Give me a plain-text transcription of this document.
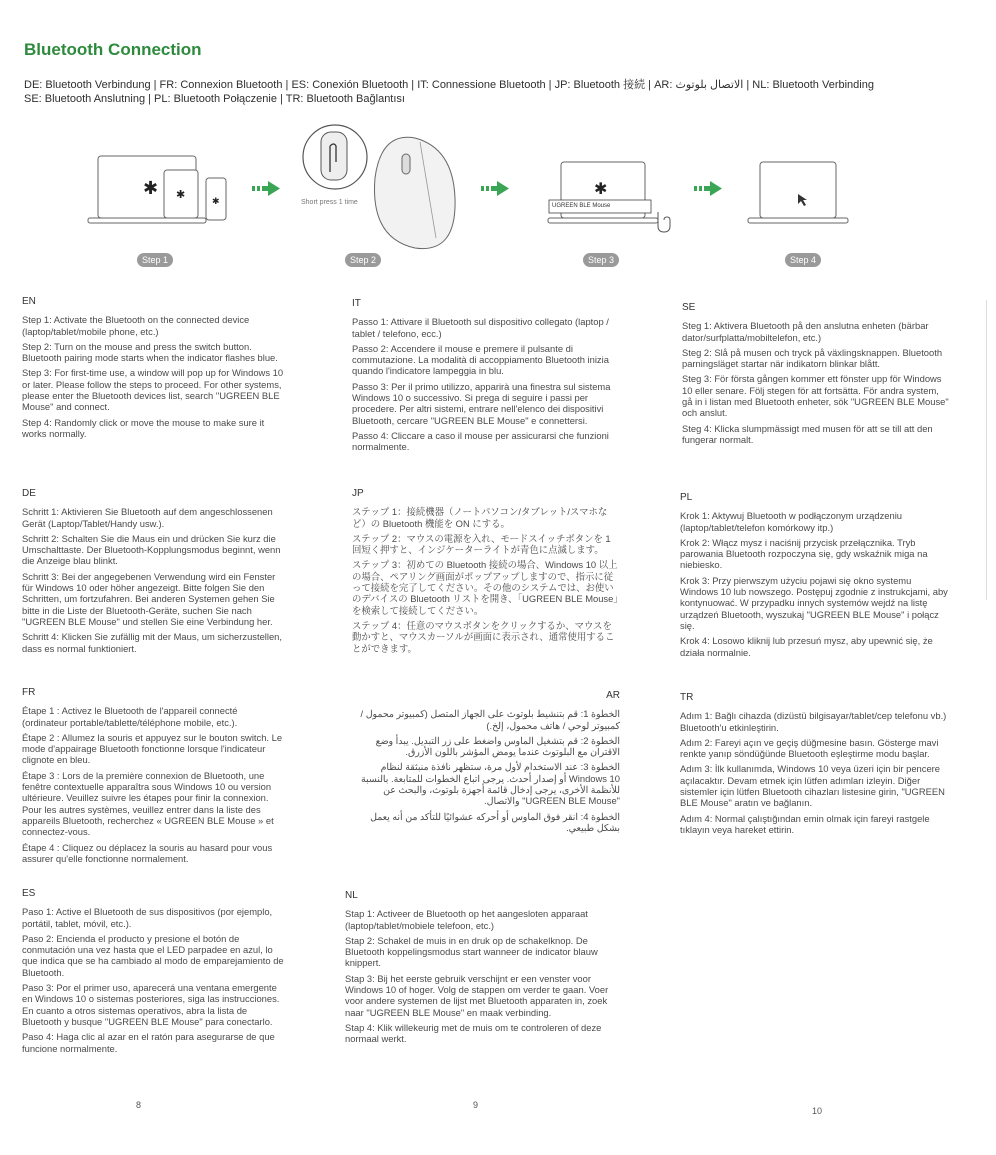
Bluetooth Connection
DE: Bluetooth Verbindung | FR: Connexion Bluetooth | ES: Conexión Bluetooth | IT: Connessione Bluetooth | JP: Bluetooth 接続 | ‏AR: الاتصال بلوتوث‏ | NL: Bluetooth Verbinding
SE: Bluetooth Anslutning | PL: Bluetooth Połączenie | TR: Bluetooth Bağlantısı
✱ ✱
✱
✱
Short press 1 time	UGREEN BLE Mouse
Step 1	Step 2	Step 3	Step 4
EN

Step 1: Activate the Bluetooth on the connected device (laptop/tablet/mobile phone, etc.)

Step 2: Turn on the mouse and press the switch button. Bluetooth pairing mode starts when the indicator flashes blue.

Step 3: For first-time use, a window will pop up for Windows 10 or later. Please follow the steps to proceed. For other systems, please enter the Bluetooth devices list, search "UGREEN BLE Mouse" and connect.

Step 4: Randomly click or move the mouse to make sure it works normally.

DE

Schritt 1: Aktivieren Sie Bluetooth auf dem angeschlossenen Gerät (Laptop/Tablet/Handy usw.).

Schritt 2: Schalten Sie die Maus ein und drücken Sie kurz die Umschalttaste. Der Bluetooth-Kopplungsmodus beginnt, wenn die Anzeige blau blinkt.

Schritt 3: Bei der angegebenen Verwendung wird ein Fenster für Windows 10 oder höher angezeigt. Bitte folgen Sie den Schritten, um fortzufahren. Bei anderen Systemen gehen Sie bitte in die Liste der Bluetooth-Geräte, suchen Sie nach "UGREEN BLE Mouse" und stellen Sie eine Verbindung her.

Schritt 4: Klicken Sie zufällig mit der Maus, um sicherzustellen, dass es normal funktioniert.

FR

Étape 1 : Activez le Bluetooth de l'appareil connecté (ordinateur portable/tablette/téléphone mobile, etc.).

Étape 2 : Allumez la souris et appuyez sur le bouton switch. Le mode d'appairage Bluetooth fonctionne lorsque l'indicateur clignote en bleu.

Étape 3 : Lors de la première connexion de Bluetooth, une fenêtre contextuelle apparaîtra sous Windows 10 ou version ultérieure. Veuillez suivre les étapes pour finir la connexion. Pour les autres systèmes, veuillez entrer dans la liste des appareils Bluetooth, recherchez « UGREEN BLE Mouse » et connectez-vous.

Étape 4 : Cliquez ou déplacez la souris au hasard pour vous assurer qu'elle fonctionne normalement.

ES

Paso 1: Active el Bluetooth de sus dispositivos (por ejemplo, portátil, tablet, móvil, etc.).

Paso 2: Encienda el producto y presione el botón de conmutación una vez hasta que el LED parpadee en azul, lo que indica que se ha cambiado al modo de emparejamiento de Bluetooth.

Paso 3: Por el primer uso, aparecerá una ventana emergente en Windows 10 o sistemas posteriores, siga las instrucciones. En cuanto a otros sistemas operativos, abra la lista de Bluetooth y busque "UGREEN BLE Mouse" para conectarlo.

Paso 4: Haga clic al azar en el ratón para asegurarse de que funcione normalmente.

IT

Passo 1: Attivare il Bluetooth sul dispositivo collegato (laptop / tablet / telefono, ecc.)

Passo 2: Accendere il mouse e premere il pulsante di commutazione. La modalità di accoppiamento Bluetooth inizia quando l'indicatore lampeggia in blu.

Passo 3: Per il primo utilizzo, apparirà una finestra sul sistema Windows 10 o successivo. Si prega di seguire i passi per procedere. Per altri sistemi, entrare nell'elenco dei dispositivi Bluetooth, cercare "UGREEN BLE Mouse" e connettersi.

Passo 4: Cliccare a caso il mouse per assicurarsi che funzioni normalmente.

JP

ステップ 1：接続機器（ノートパソコン/タブレット/スマホなど）の Bluetooth 機能を ON にする。

ステップ 2：マウスの電源を入れ、モードスイッチボタンを 1 回短く押すと、インジケーターライトが青色に点滅します。

ステップ 3：初めての Bluetooth 接続の場合、Windows 10 以上の場合、ペアリング画面がポップアップしますので、指示に従って接続を完了してください。その他のシステムでは、お使いのデバイスの Bluetooth リストを開き、「UGREEN BLE Mouse」を検索して接続してください。

ステップ 4：任意のマウスボタンをクリックするか、マウスを動かすと、マウスカーソルが画面に表示され、通常使用することができます。

AR

الخطوة 1: قم بتنشيط بلوتوث على الجهاز المتصل (كمبيوتر محمول / كمبيوتر لوحي / هاتف محمول، إلخ.)

الخطوة 2: قم بتشغيل الماوس واضغط على زر التبديل. يبدأ وضع الاقتران مع البلوتوث عندما يومض المؤشر باللون الأزرق.

الخطوة 3: عند الاستخدام لأول مرة، ستظهر نافذة منبثقة لنظام Windows 10 أو إصدار أحدث. يرجى اتباع الخطوات للمتابعة. بالنسبة للأنظمة الأخرى، يرجى إدخال قائمة أجهزة بلوتوث، والبحث عن "UGREEN BLE Mouse" والاتصال.

الخطوة 4: انقر فوق الماوس أو أحركه عشوائيًا للتأكد من أنه يعمل بشكل طبيعي.

NL

Stap 1: Activeer de Bluetooth op het aangesloten apparaat (laptop/tablet/mobiele telefoon, etc.)

Stap 2: Schakel de muis in en druk op de schakelknop. De Bluetooth koppelingsmodus start wanneer de indicator blauw knippert.

Stap 3: Bij het eerste gebruik verschijnt er een venster voor Windows 10 of hoger. Volg de stappen om verder te gaan. Voer voor andere systemen de lijst met Bluetooth apparaten in, zoek naar "UGREEN BLE Mouse" en maak verbinding.

Stap 4: Klik willekeurig met de muis om te controleren of deze normaal werkt.

SE

Steg 1: Aktivera Bluetooth på den anslutna enheten (bärbar dator/surfplatta/mobiltelefon, etc.)

Steg 2: Slå på musen och tryck på växlingsknappen. Bluetooth parningsläget startar när indikatorn blinkar blått.

Steg 3: För första gången kommer ett fönster upp för Windows 10 eller senare. Följ stegen för att fortsätta. För andra system, gå in i listan med Bluetooth enheter, sök "UGREEN BLE Mouse" och anslut.

Steg 4: Klicka slumpmässigt med musen för att se till att den fungerar normalt.

PL

Krok 1: Aktywuj Bluetooth w podłączonym urządzeniu (laptop/tablet/telefon komórkowy itp.)

Krok 2: Włącz mysz i naciśnij przycisk przełącznika. Tryb parowania Bluetooth rozpoczyna się, gdy wskaźnik miga na niebiesko.

Krok 3: Przy pierwszym użyciu pojawi się okno systemu Windows 10 lub nowszego. Postępuj zgodnie z instrukcjami, aby kontynuować. W przypadku innych systemów wejdź na listę urządzeń Bluetooth, wyszukaj "UGREEN BLE Mouse" i połącz się.

Krok 4: Losowo kliknij lub przesuń mysz, aby upewnić się, że działa normalnie.

TR

Adım 1: Bağlı cihazda (dizüstü bilgisayar/tablet/cep telefonu vb.) Bluetooth'u etkinleştirin.

Adım 2: Fareyi açın ve geçiş düğmesine basın. Gösterge mavi renkte yanıp söndüğünde Bluetooth eşleştirme modu başlar.

Adım 3: İlk kullanımda, Windows 10 veya üzeri için bir pencere açılacaktır. Devam etmek için lütfen adımları izleyin. Diğer sistemler için lütfen Bluetooth cihazları listesine girin, "UGREEN BLE Mouse" aratın ve bağlanın.

Adım 4: Normal çalıştığından emin olmak için fareyi rastgele tıklayın veya hareket ettirin.

8	9
10
